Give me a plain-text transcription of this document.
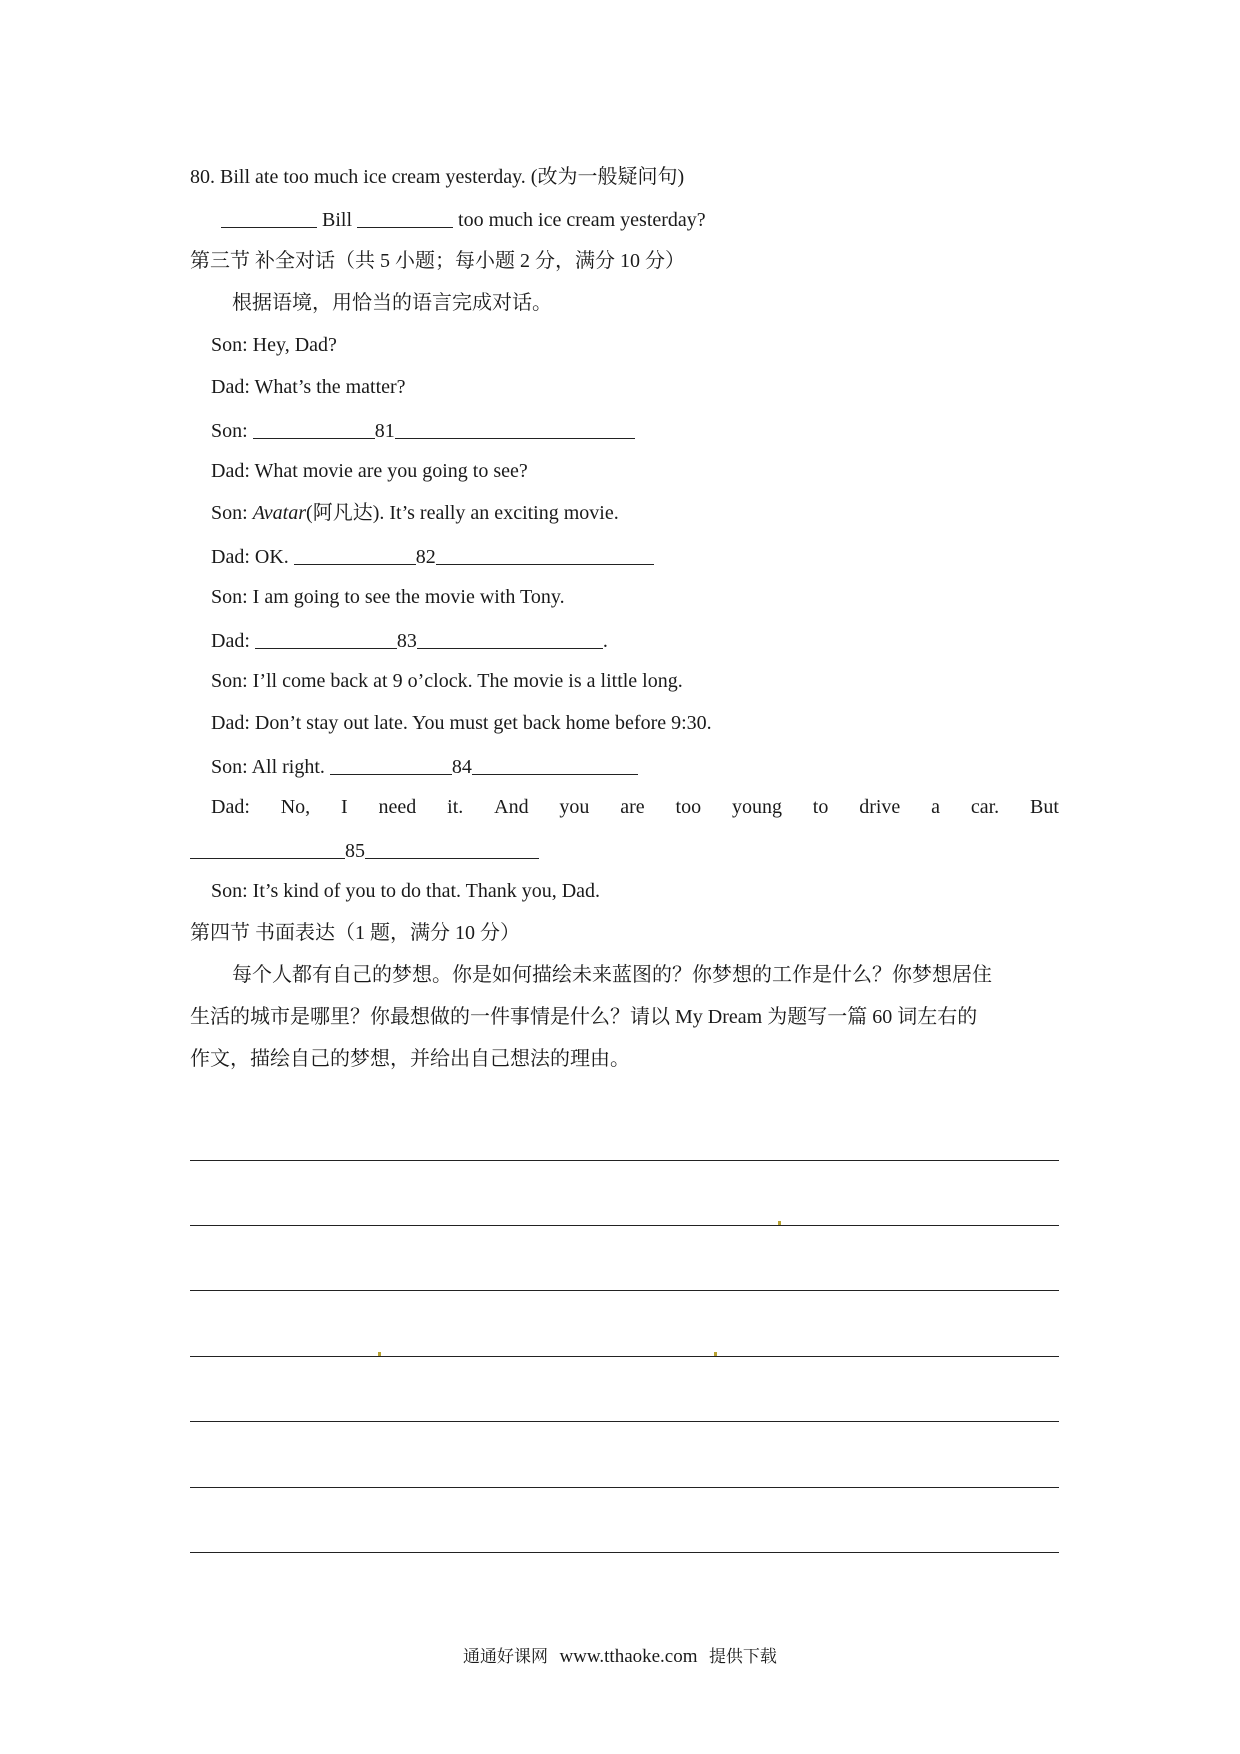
80. Bill ate too much ice cream yesterday. (改为一般疑问句)
Bill	too much ice cream yesterday?
第三节 补全对话（共 5 小题；每小题 2 分，满分 10 分）
根据语境，用恰当的语言完成对话。
Son: Hey, Dad?
Dad: What’s the matter?
Son:	81
Dad: What movie are you going to see?
Son: Avatar(阿凡达). It’s really an exciting movie.
Dad: OK.	82
Son: I am going to see the movie with Tony.
Dad:	83	.
Son: I’ll come back at 9 o’clock. The movie is a little long.
Dad: Don’t stay out late. You must get back home before 9:30.
Son: All right.	84
Dad: No, I need it. And you are too young to drive a car. But
85
Son: It’s kind of you to do that. Thank you, Dad.
第四节 书面表达（1 题，满分 10 分）
每个人都有自己的梦想。你是如何描绘未来蓝图的？你梦想的工作是什么？你梦想居住
生活的城市是哪里？你最想做的一件事情是什么？请以 My Dream 为题写一篇 60 词左右的
作文，描绘自己的梦想，并给出自己想法的理由。
通通好课网 www.tthaoke.com 提供下载
